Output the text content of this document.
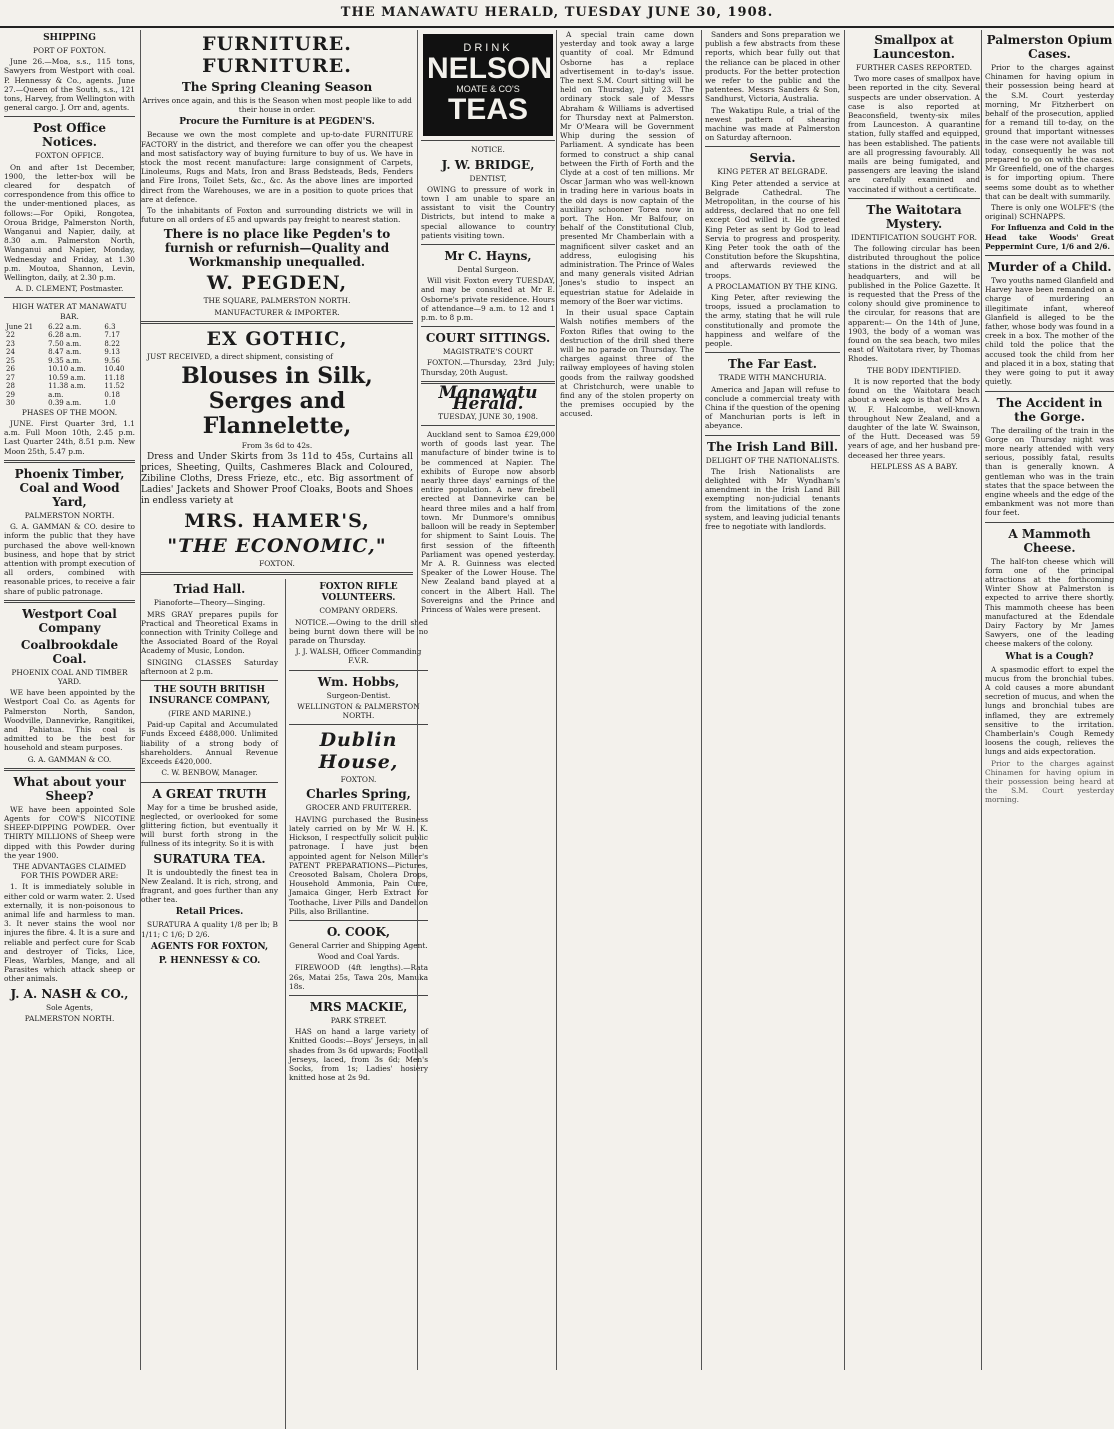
THE MANAWATU HERALD, TUESDAY JUNE 30, 1908.
SHIPPING

PORT OF FOXTON.

June 26.—Moa, s.s., 115 tons, Sawyers from Westport with coal. P. Hennessy & Co., agents. June 27.—Queen of the South, s.s., 121 tons, Harvey, from Wellington with general cargo. J. Orr and, agents.

Post Office Notices.

FOXTON OFFICE.

On and after 1st December, 1900, the letter-box will be cleared for despatch of correspondence from this office to the under-mentioned places, as follows:—For Opiki, Rongotea, Oroua Bridge, Palmerston North, Wanganui and Napier, daily, at 8.30 a.m. Palmerston North, Wanganui and Napier, Monday, Wednesday and Friday, at 1.30 p.m. Moutoa, Shannon, Levin, Wellington, daily, at 2.30 p.m.

A. D. CLEMENT, Postmaster.

HIGH WATER AT MANAWATU BAR.

June 21	6.22 a.m.	6.3
22	6.28 a.m.	7.17
23	7.50 a.m.	8.22
24	8.47 a.m.	9.13
25	9.35 a.m.	9.56
26	10.10 a.m.	10.40
27	10.59 a.m.	11.18
28	11.38 a.m.	11.52
29	a.m.	0.18
30	0.39 a.m.	1.0

PHASES OF THE MOON.

JUNE. First Quarter 3rd, 1.1 a.m. Full Moon 10th, 2.45 p.m. Last Quarter 24th, 8.51 p.m. New Moon 25th, 5.47 p.m.

Phoenix Timber, Coal and Wood Yard,

PALMERSTON NORTH.

G. A. GAMMAN & CO. desire to inform the public that they have purchased the above well-known business, and hope that by strict attention with prompt execution of all orders, combined with reasonable prices, to receive a fair share of public patronage.

Westport Coal Company
Coalbrookdale Coal.

PHOENIX COAL AND TIMBER YARD.

WE have been appointed by the Westport Coal Co. as Agents for Palmerston North, Sandon, Woodville, Dannevirke, Rangitikei, and Pahiatua. This coal is admitted to be the best for household and steam purposes.

G. A. GAMMAN & CO.

What about your Sheep?

WE have been appointed Sole Agents for COW'S NICOTINE SHEEP-DIPPING POWDER. Over THIRTY MILLIONS of Sheep were dipped with this Powder during the year 1900.

THE ADVANTAGES CLAIMED FOR THIS POWDER ARE:

1. It is immediately soluble in either cold or warm water. 2. Used externally, it is non-poisonous to animal life and harmless to man. 3. It never stains the wool nor injures the fibre. 4. It is a sure and reliable and perfect cure for Scab and destroyer of Ticks, Lice, Fleas, Warbles, Mange, and all Parasites which attack sheep or other animals.

J. A. NASH & CO.,

Sole Agents,

PALMERSTON NORTH.

FURNITURE. FURNITURE.
The Spring Cleaning Season

Arrives once again, and this is the Season when most people like to add their house in order.

Procure the Furniture is at PEGDEN'S.

Because we own the most complete and up-to-date FURNITURE FACTORY in the district, and therefore we can offer you the cheapest and most satisfactory way of buying furniture to buy of us. We have in stock the most recent manufacture: large consignment of Carpets, Linoleums, Rugs and Mats, Iron and Brass Bedsteads, Beds, Fenders and Fire Irons, Toilet Sets, &c., &c. As the above lines are imported direct from the Warehouses, we are in a position to quote prices that are at defence.

To the inhabitants of Foxton and surrounding districts we will in future on all orders of £5 and upwards pay freight to nearest station.

There is no place like Pegden's to furnish or refurnish—Quality and Workmanship unequalled.
W. PEGDEN,

THE SQUARE, PALMERSTON NORTH.

MANUFACTURER & IMPORTER.

EX GOTHIC,

JUST RECEIVED, a direct shipment, consisting of

Blouses in Silk, Serges and Flannelette,

From 3s 6d to 42s.

Dress and Under Skirts from 3s 11d to 45s, Curtains all prices, Sheeting, Quilts, Cashmeres Black and Coloured, Zibiline Cloths, Dress Frieze, etc., etc. Big assortment of Ladies' Jackets and Shower Proof Cloaks, Boots and Shoes in endless variety at

MRS. HAMER'S,
"THE ECONOMIC,"

FOXTON.

Triad Hall.

Pianoforte—Theory—Singing.

MRS GRAY prepares pupils for Practical and Theoretical Exams in connection with Trinity College and the Associated Board of the Royal Academy of Music, London.

SINGING CLASSES Saturday afternoon at 2 p.m.

THE SOUTH BRITISH INSURANCE COMPANY,

(FIRE AND MARINE.)

Paid-up Capital and Accumulated Funds Exceed £488,000. Unlimited liability of a strong body of shareholders. Annual Revenue Exceeds £420,000.

C. W. BENBOW, Manager.

A GREAT TRUTH

May for a time be brushed aside, neglected, or overlooked for some glittering fiction, but eventually it will burst forth strong in the fullness of its integrity. So it is with

SURATURA TEA.

It is undoubtedly the finest tea in New Zealand. It is rich, strong, and fragrant, and goes further than any other tea.

Retail Prices.

SURATURA A quality 1/8 per lb; B 1/11; C 1/6; D 2/6.

AGENTS FOR FOXTON,
P. HENNESSY & CO.
FOXTON RIFLE VOLUNTEERS.

COMPANY ORDERS.

NOTICE.—Owing to the drill shed being burnt down there will be no parade on Thursday.

J. J. WALSH, Officer Commanding F.V.R.

Wm. Hobbs,

Surgeon-Dentist.

WELLINGTON & PALMERSTON NORTH.

Dublin House,

FOXTON.

Charles Spring,

GROCER AND FRUITERER.

HAVING purchased the Business lately carried on by Mr W. H. K. Hickson, I respectfully solicit public patronage. I have just been appointed agent for Nelson Miller's PATENT PREPARATIONS—Pictures, Creosoted Balsam, Cholera Drops, Household Ammonia, Pain Cure, Jamaica Ginger, Herb Extract for Toothache, Liver Pills and Dandelion Pills, also Brillantine.

O. COOK,

General Carrier and Shipping Agent.

Wood and Coal Yards.

FIREWOOD (4ft lengths).—Rata 26s, Matai 25s, Tawa 20s, Manuka 18s.

MRS MACKIE,

PARK STREET.

HAS on hand a large variety of Knitted Goods:—Boys' Jerseys, in all shades from 3s 6d upwards; Football Jerseys, laced, from 3s 6d; Men's Socks, from 1s; Ladies' hosiery knitted hose at 2s 9d.

DRINK
NELSON
MOATE & CO'S
TEAS

NOTICE.

J. W. BRIDGE,

DENTIST,

OWING to pressure of work in town I am unable to spare an assistant to visit the Country Districts, but intend to make a special allowance to country patients visiting town.

Mr C. Hayns,

Dental Surgeon.

Will visit Foxton every TUESDAY, and may be consulted at Mr E. Osborne's private residence. Hours of attendance—9 a.m. to 12 and 1 p.m. to 8 p.m.

COURT SITTINGS.

MAGISTRATE'S COURT

FOXTON.—Thursday, 23rd July; Thursday, 20th August.

Manawatu Herald.

TUESDAY, JUNE 30, 1908.

Auckland sent to Samoa £29,000 worth of goods last year. The manufacture of binder twine is to be commenced at Napier. The exhibits of Europe now absorb nearly three days' earnings of the entire population. A new firebell erected at Dannevirke can be heard three miles and a half from town. Mr Dunmore's omnibus balloon will be ready in September for shipment to Saint Louis. The first session of the fifteenth Parliament was opened yesterday. Mr A. R. Guinness was elected Speaker of the Lower House. The New Zealand band played at a concert in the Albert Hall. The Sovereigns and the Prince and Princess of Wales were present.

A special train came down yesterday and took away a large quantity of coal. Mr Edmund Osborne has a replace advertisement in to-day's issue. The next S.M. Court sitting will be held on Thursday, July 23. The ordinary stock sale of Messrs Abraham & Williams is advertised for Thursday next at Palmerston. Mr O'Meara will be Government Whip during the session of Parliament. A syndicate has been formed to construct a ship canal between the Firth of Forth and the Clyde at a cost of ten millions. Mr Oscar Jarman who was well-known in trading here in various boats in the old days is now captain of the auxiliary schooner Torea now in port. The Hon. Mr Balfour, on behalf of the Constitutional Club, presented Mr Chamberlain with a magnificent silver casket and an address, eulogising his administration. The Prince of Wales and many generals visited Adrian Jones's studio to inspect an equestrian statue for Adelaide in memory of the Boer war victims.

In their usual space Captain Walsh notifies members of the Foxton Rifles that owing to the destruction of the drill shed there will be no parade on Thursday. The charges against three of the railway employees of having stolen goods from the railway goodshed at Christchurch, were unable to find any of the stolen property on the premises occupied by the accused.

Sanders and Sons preparation we publish a few abstracts from these reports, which bear fully out that the reliance can be placed in other products. For the better protection we refer to the public and the patentees. Messrs Sanders & Son, Sandhurst, Victoria, Australia.

The Wakatipu Rule, a trial of the newest pattern of shearing machine was made at Palmerston on Saturday afternoon.

Servia.

KING PETER AT BELGRADE.

King Peter attended a service at Belgrade Cathedral. The Metropolitan, in the course of his address, declared that no one fell except God willed it. He greeted King Peter as sent by God to lead Servia to progress and prosperity. King Peter took the oath of the Constitution before the Skupshtina, and afterwards reviewed the troops.

A PROCLAMATION BY THE KING.

King Peter, after reviewing the troops, issued a proclamation to the army, stating that he will rule constitutionally and promote the happiness and welfare of the people.

The Far East.

TRADE WITH MANCHURIA.

America and Japan will refuse to conclude a commercial treaty with China if the question of the opening of Manchurian ports is left in abeyance.

The Irish Land Bill.

DELIGHT OF THE NATIONALISTS.

The Irish Nationalists are delighted with Mr Wyndham's amendment in the Irish Land Bill exempting non-judicial tenants from the limitations of the zone system, and leaving judicial tenants free to negotiate with landlords.

Smallpox at Launceston.

FURTHER CASES REPORTED.

Two more cases of smallpox have been reported in the city. Several suspects are under observation. A case is also reported at Beaconsfield, twenty-six miles from Launceston. A quarantine station, fully staffed and equipped, has been established. The patients are all progressing favourably. All mails are being fumigated, and passengers are leaving the island are carefully examined and vaccinated if without a certificate.

The Waitotara Mystery.

IDENTIFICATION SOUGHT FOR.

The following circular has been distributed throughout the police stations in the district and at all headquarters, and will be published in the Police Gazette. It is requested that the Press of the colony should give prominence to the circular, for reasons that are apparent:— On the 14th of June, 1903, the body of a woman was found on the sea beach, two miles east of Waitotara river, by Thomas Rhodes.

THE BODY IDENTIFIED.

It is now reported that the body found on the Waitotara beach about a week ago is that of Mrs A. W. F. Halcombe, well-known throughout New Zealand, and a daughter of the late W. Swainson, of the Hutt. Deceased was 59 years of age, and her husband pre-deceased her three years.

HELPLESS AS A BABY.

Palmerston Opium Cases.

Prior to the charges against Chinamen for having opium in their possession being heard at the S.M. Court yesterday morning, Mr Fitzherbert on behalf of the prosecution, applied for a remand till to-day, on the ground that important witnesses in the case were not available till today, consequently he was not prepared to go on with the cases. Mr Greenfield, one of the charges is for importing opium. There seems some doubt as to whether that can be dealt with summarily.

There is only one WOLFE'S (the original) SCHNAPPS.

For Influenza and Cold in the Head take Woods' Great Peppermint Cure, 1/6 and 2/6.

Murder of a Child.

Two youths named Glanfield and Harvey have been remanded on a charge of murdering an illegitimate infant, whereof Glanfield is alleged to be the father, whose body was found in a creek in a box. The mother of the child told the police that the accused took the child from her and placed it in a box, stating that they were going to put it away quietly.

The Accident in the Gorge.

The derailing of the train in the Gorge on Thursday night was more nearly attended with very serious, possibly fatal, results than is generally known. A gentleman who was in the train states that the space between the engine wheels and the edge of the embankment was not more than four feet.

A Mammoth Cheese.

The half-ton cheese which will form one of the principal attractions at the forthcoming Winter Show at Palmerston is expected to arrive there shortly. This mammoth cheese has been manufactured at the Edendale Dairy Factory by Mr James Sawyers, one of the leading cheese makers of the colony.

What is a Cough?

A spasmodic effort to expel the mucus from the bronchial tubes. A cold causes a more abundant secretion of mucus, and when the lungs and bronchial tubes are inflamed, they are extremely sensitive to the irritation. Chamberlain's Cough Remedy loosens the cough, relieves the lungs and aids expectoration.

Prior to the charges against Chinamen for having opium in their possession being heard at the S.M. Court yesterday morning.
